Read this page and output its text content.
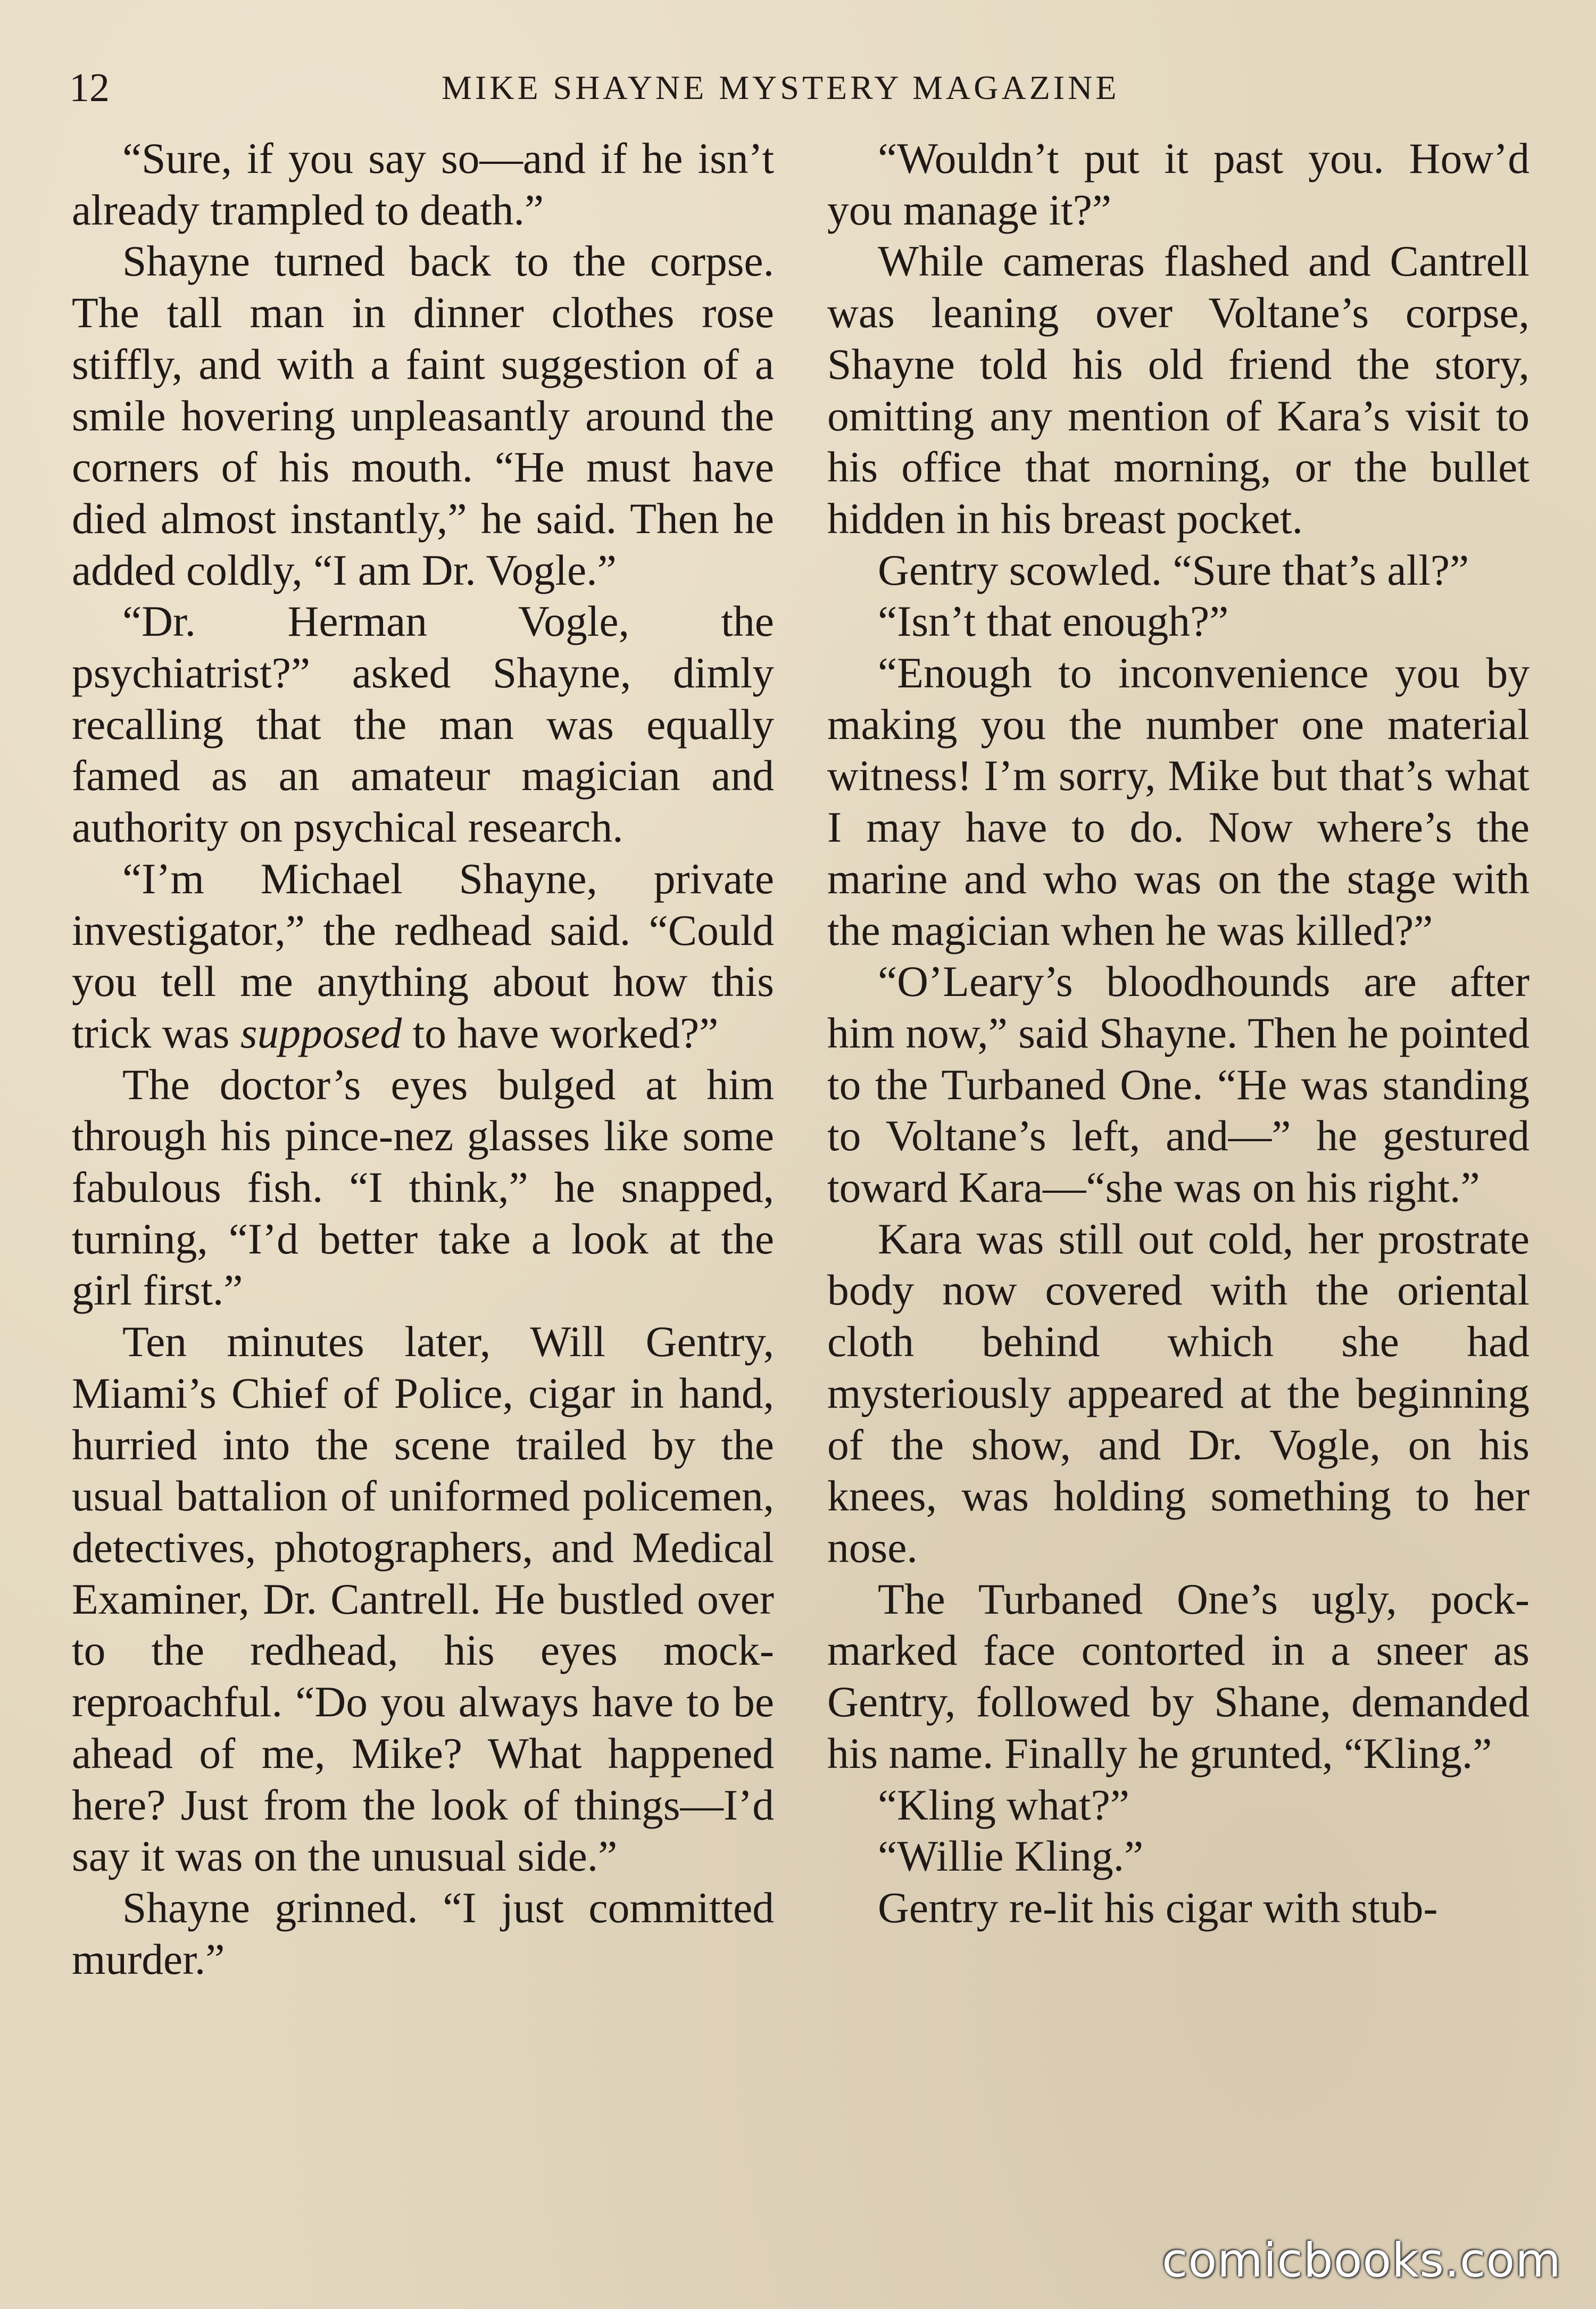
12	MIKE SHAYNE MYSTERY MAGAZINE

“Sure, if you say so—and if he isn’t already trampled to death.”

Shayne turned back to the corpse. The tall man in dinner clothes rose stiffly, and with a faint suggestion of a smile hovering unpleasantly around the corners of his mouth. “He must have died almost instantly,” he said. Then he added coldly, “I am Dr. Vogle.”

“Dr. Herman Vogle, the psychiatrist?” asked Shayne, dimly recalling that the man was equally famed as an amateur magician and authority on psychical research.

“I’m Michael Shayne, private investigator,” the redhead said. “Could you tell me anything about how this trick was supposed to have worked?”

The doctor’s eyes bulged at him through his pince-nez glasses like some fabulous fish. “I think,” he snapped, turning, “I’d better take a look at the girl first.”

Ten minutes later, Will Gentry, Miami’s Chief of Police, cigar in hand, hurried into the scene trailed by the usual battalion of uniformed policemen, detectives, photographers, and Medical Examiner, Dr. Cantrell. He bustled over to the redhead, his eyes mock-reproachful. “Do you always have to be ahead of me, Mike? What happened here? Just from the look of things—I’d say it was on the unusual side.”

Shayne grinned. “I just committed murder.”

“Wouldn’t put it past you. How’d you manage it?”

While cameras flashed and Cantrell was leaning over Voltane’s corpse, Shayne told his old friend the story, omitting any mention of Kara’s visit to his office that morning, or the bullet hidden in his breast pocket.

Gentry scowled. “Sure that’s all?”

“Isn’t that enough?”

“Enough to inconvenience you by making you the number one material witness! I’m sorry, Mike but that’s what I may have to do. Now where’s the marine and who was on the stage with the magician when he was killed?”

“O’Leary’s bloodhounds are after him now,” said Shayne. Then he pointed to the Turbaned One. “He was standing to Voltane’s left, and—” he gestured toward Kara—“she was on his right.”

Kara was still out cold, her prostrate body now covered with the oriental cloth behind which she had mysteriously appeared at the beginning of the show, and Dr. Vogle, on his knees, was holding something to her nose.

The Turbaned One’s ugly, pock-marked face contorted in a sneer as Gentry, followed by Shane, demanded his name. Finally he grunted, “Kling.”

“Kling what?”

“Willie Kling.”

Gentry re-lit his cigar with stub-

comicbooks.com
